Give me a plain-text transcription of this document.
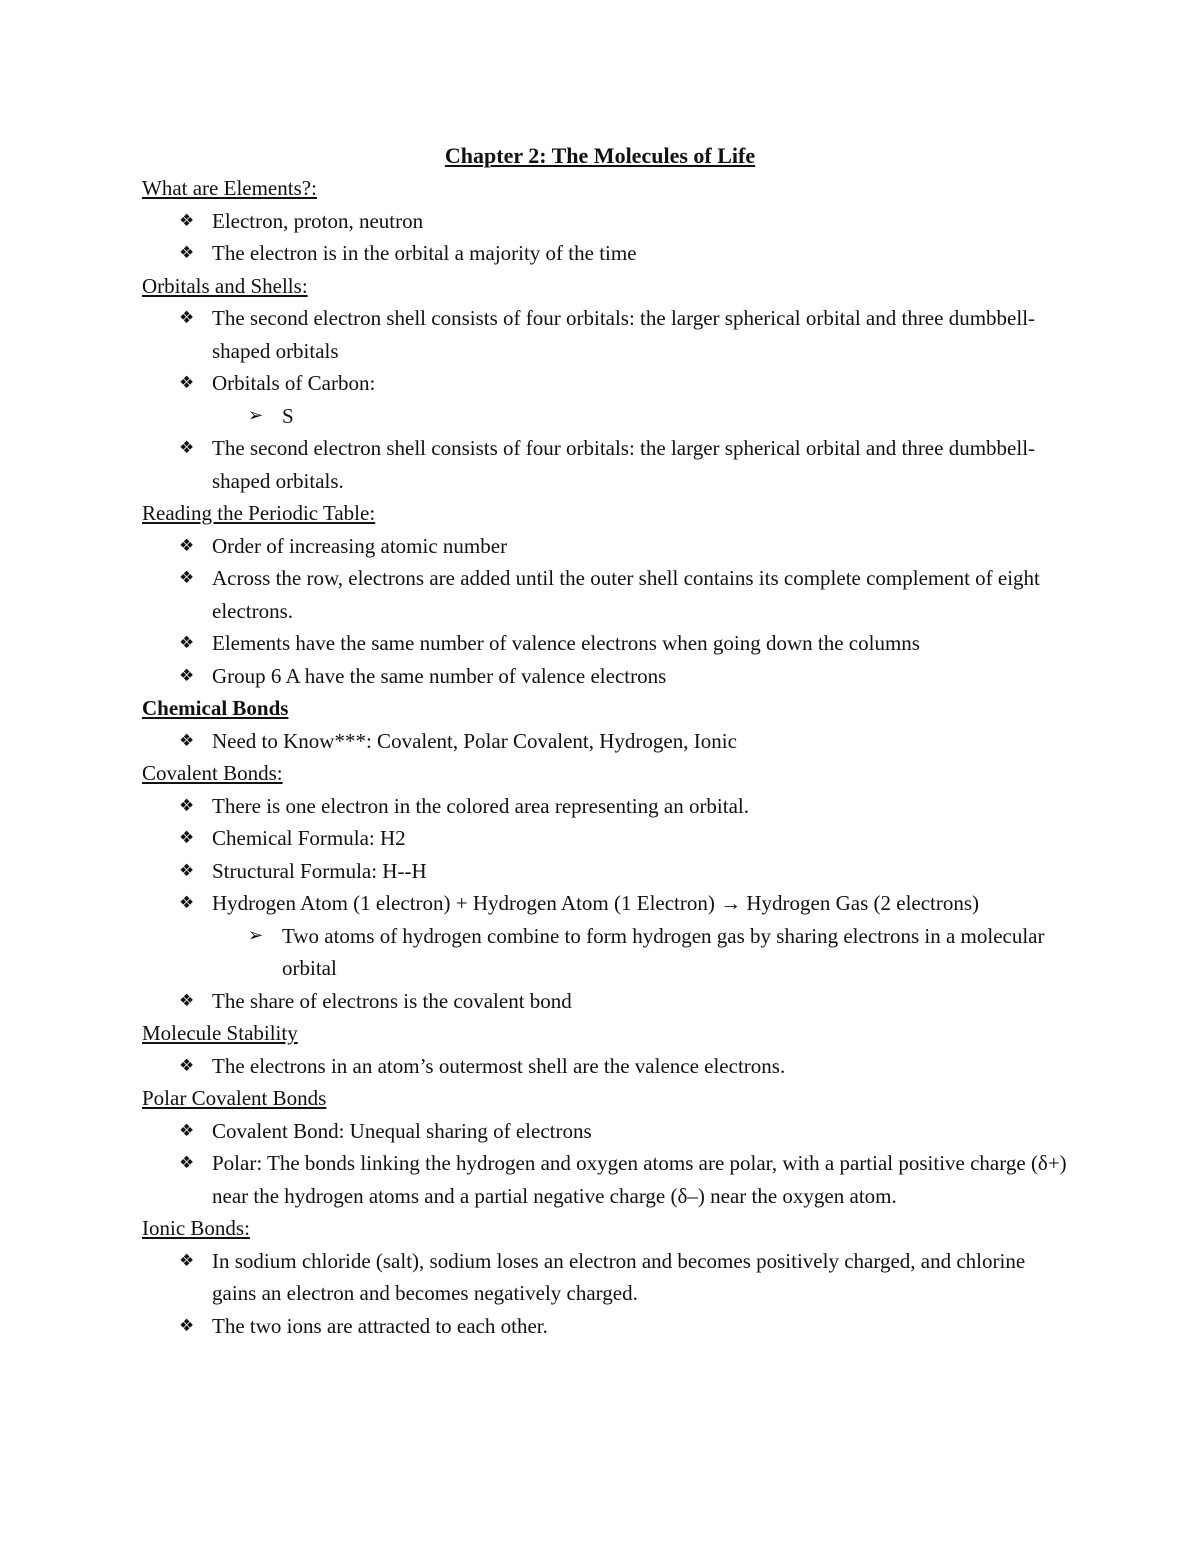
Chapter 2: The Molecules of Life
What are Elements?:
❖ Electron, proton, neutron
❖ The electron is in the orbital a majority of the time
Orbitals and Shells:
❖ The second electron shell consists of four orbitals: the larger spherical orbital and three dumbbell-shaped orbitals
❖ Orbitals of Carbon:
➢ S
❖ The second electron shell consists of four orbitals: the larger spherical orbital and three dumbbell-shaped orbitals.
Reading the Periodic Table:
❖ Order of increasing atomic number
❖ Across the row, electrons are added until the outer shell contains its complete complement of eight electrons.
❖ Elements have the same number of valence electrons when going down the columns
❖ Group 6 A have the same number of valence electrons
Chemical Bonds
❖ Need to Know***: Covalent, Polar Covalent, Hydrogen, Ionic
Covalent Bonds:
❖ There is one electron in the colored area representing an orbital.
❖ Chemical Formula: H2
❖ Structural Formula: H--H
❖ Hydrogen Atom (1 electron) + Hydrogen Atom (1 Electron) → Hydrogen Gas (2 electrons)
➢ Two atoms of hydrogen combine to form hydrogen gas by sharing electrons in a molecular orbital
❖ The share of electrons is the covalent bond
Molecule Stability
❖ The electrons in an atom’s outermost shell are the valence electrons.
Polar Covalent Bonds
❖ Covalent Bond: Unequal sharing of electrons
❖ Polar: The bonds linking the hydrogen and oxygen atoms are polar, with a partial positive charge (δ+) near the hydrogen atoms and a partial negative charge (δ–) near the oxygen atom.
Ionic Bonds:
❖ In sodium chloride (salt), sodium loses an electron and becomes positively charged, and chlorine gains an electron and becomes negatively charged.
❖ The two ions are attracted to each other.
